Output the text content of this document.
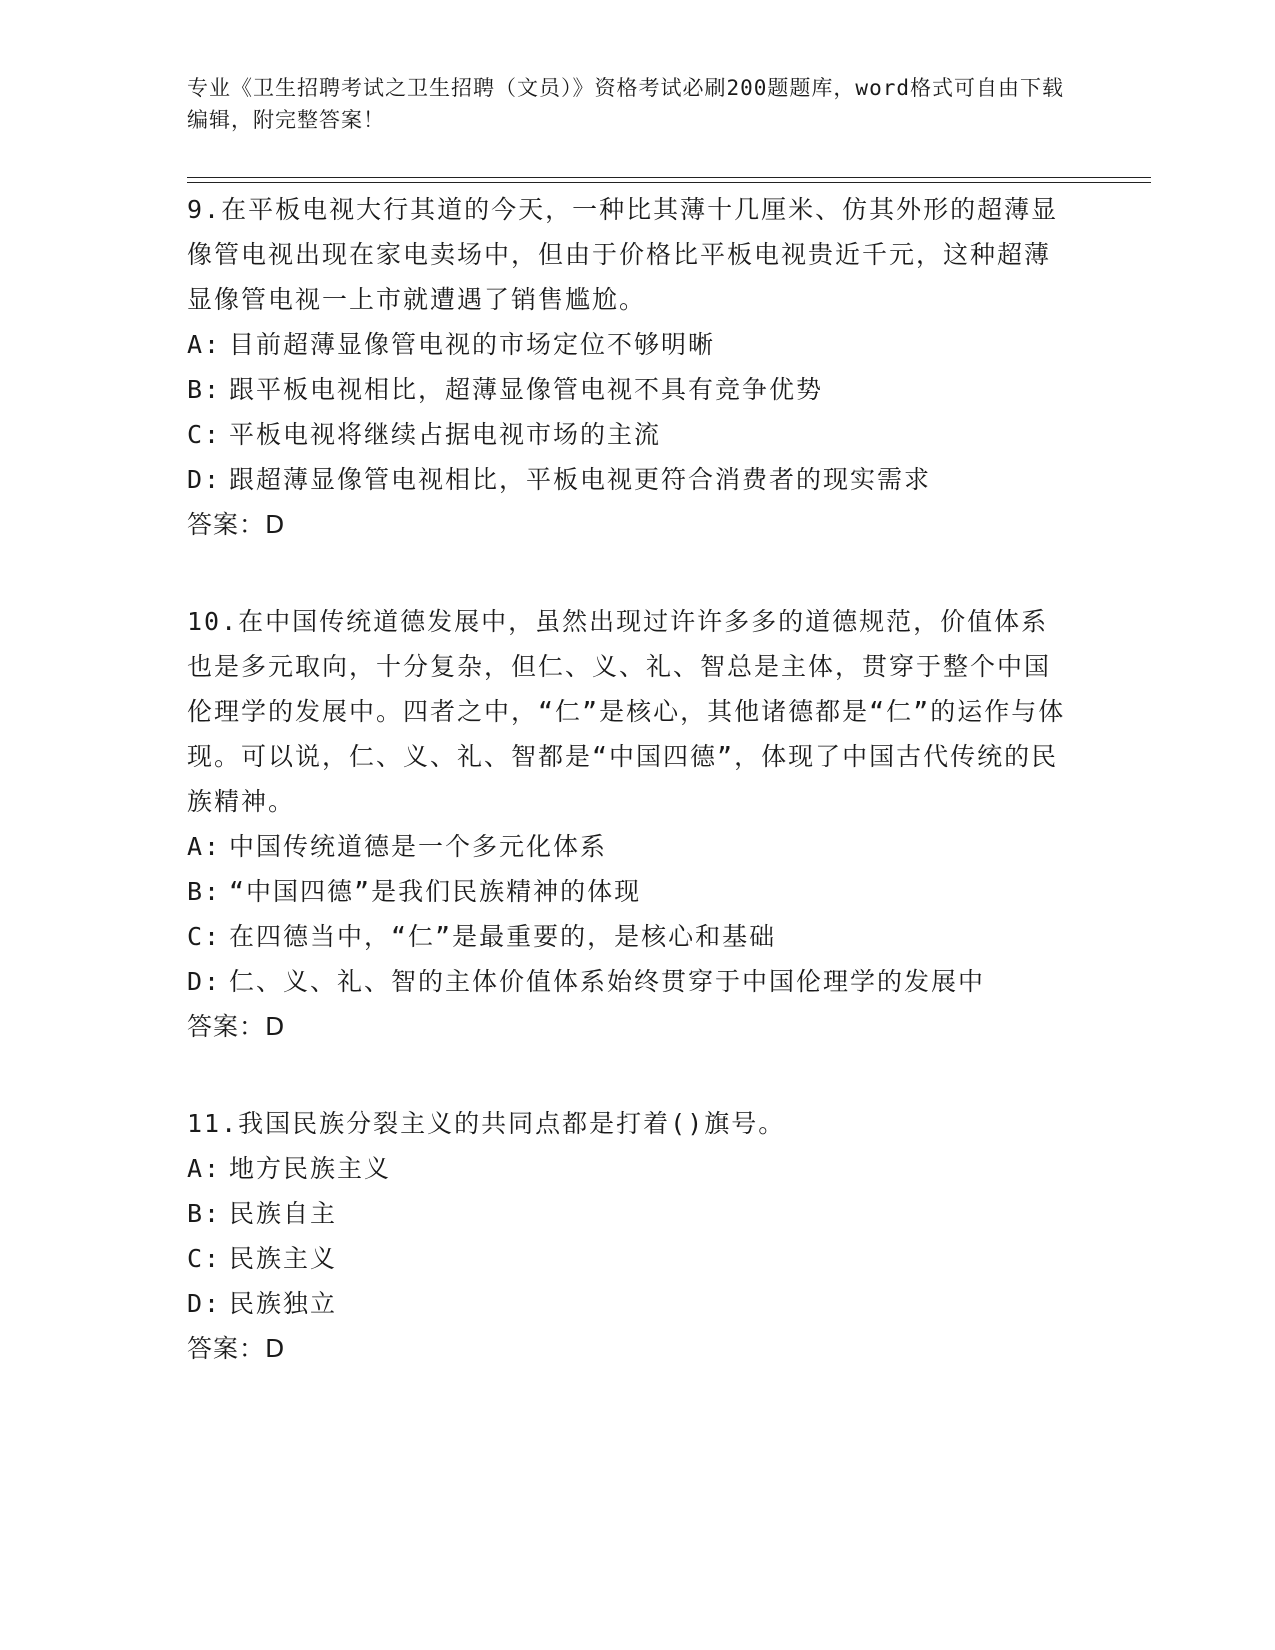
专业《卫生招聘考试之卫生招聘（文员）》资格考试必刷200题题库，word格式可自由下载编辑，附完整答案！
9.在平板电视大行其道的今天，一种比其薄十几厘米、仿其外形的超薄显像管电视出现在家电卖场中，但由于价格比平板电视贵近千元，这种超薄显像管电视一上市就遭遇了销售尴尬。
A: 目前超薄显像管电视的市场定位不够明晰
B: 跟平板电视相比，超薄显像管电视不具有竞争优势
C: 平板电视将继续占据电视市场的主流
D: 跟超薄显像管电视相比，平板电视更符合消费者的现实需求
答案：D
10.在中国传统道德发展中，虽然出现过许许多多的道德规范，价值体系也是多元取向，十分复杂，但仁、义、礼、智总是主体，贯穿于整个中国伦理学的发展中。四者之中，“仁”是核心，其他诸德都是“仁”的运作与体现。可以说，仁、义、礼、智都是“中国四德”，体现了中国古代传统的民族精神。
A: 中国传统道德是一个多元化体系
B: “中国四德”是我们民族精神的体现
C: 在四德当中，“仁”是最重要的，是核心和基础
D: 仁、义、礼、智的主体价值体系始终贯穿于中国伦理学的发展中
答案：D
11.我国民族分裂主义的共同点都是打着()旗号。
A: 地方民族主义
B: 民族自主
C: 民族主义
D: 民族独立
答案：D
